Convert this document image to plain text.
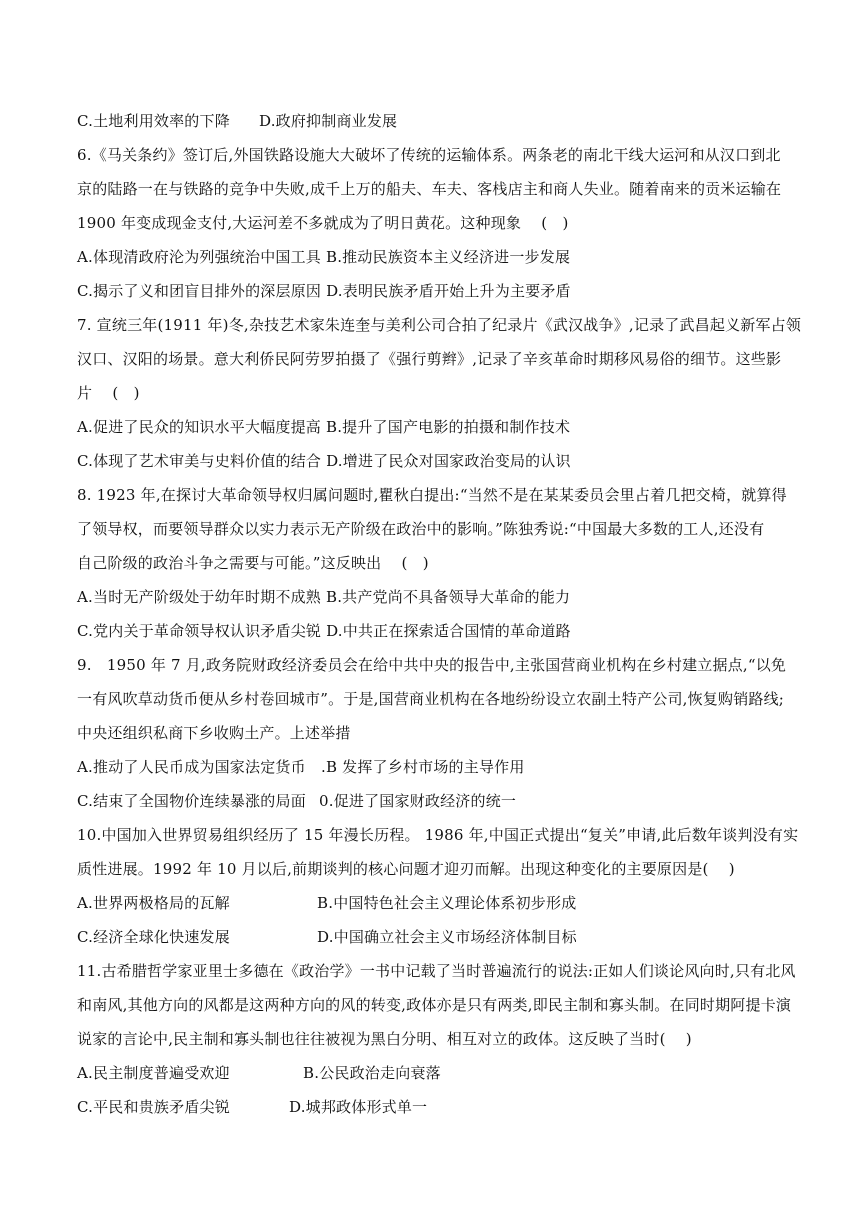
C.土地利用效率的下降 D.政府抑制商业发展
6.《马关条约》签订后,外国铁路设施大大破坏了传统的运输体系。两条老的南北干线大运河和从汉口到北
京的陆路一在与铁路的竞争中失败,成千上万的船夫、车夫、客栈店主和商人失业。随着南来的贡米运输在
1900 年变成现金支付,大运河差不多就成为了明日黄花。这种现象　 (　)
A.体现清政府沦为列强统治中国工具 B.推动民族资本主义经济进一步发展
C.揭示了义和团盲目排外的深层原因 D.表明民族矛盾开始上升为主要矛盾
7. 宣统三年(1911 年)冬,杂技艺术家朱连奎与美利公司合拍了纪录片《武汉战争》,记录了武昌起义新军占领
汉口、汉阳的场景。意大利侨民阿劳罗拍摄了《强行剪辫》,记录了辛亥革命时期移风易俗的细节。这些影
片　 (　)
A.促进了民众的知识水平大幅度提高 B.提升了国产电影的拍摄和制作技术
C.体现了艺术审美与史料价值的结合 D.增进了民众对国家政治变局的认识
8. 1923 年,在探讨大革命领导权归属问题时,瞿秋白提出:“当然不是在某某委员会里占着几把交椅，就算得
了领导权，而要领导群众以实力表示无产阶级在政治中的影响。”陈独秀说:“中国最大多数的工人,还没有
自己阶级的政治斗争之需要与可能。”这反映出　 (　)
A.当时无产阶级处于幼年时期不成熟 B.共产党尚不具备领导大革命的能力
C.党内关于革命领导权认识矛盾尖锐 D.中共正在探索适合国情的革命道路
9.　1950 年 7 月,政务院财政经济委员会在给中共中央的报告中,主张国营商业机构在乡村建立据点,“以免
一有风吹草动货币便从乡村卷回城市”。于是,国营商业机构在各地纷纷设立农副土特产公司,恢复购销路线;
中央还组织私商下乡收购土产。上述举措
A.推动了人民币成为国家法定货币 .B 发挥了乡村市场的主导作用
C.结束了全国物价连续暴涨的局面 0.促进了国家财政经济的统一
10.中国加入世界贸易组织经历了 15 年漫长历程。 1986 年,中国正式提出“复关”申请,此后数年谈判没有实
质性进展。1992 年 10 月以后,前期谈判的核心问题才迎刃而解。出现这种变化的主要原因是(　 )
A.世界两极格局的瓦解	B.中国特色社会主义理论体系初步形成
C.经济全球化快速发展	D.中国确立社会主义市场经济体制目标
11.古希腊哲学家亚里士多德在《政治学》一书中记载了当时普遍流行的说法:正如人们谈论风向时,只有北风
和南风,其他方向的风都是这两种方向的风的转变,政体亦是只有两类,即民主制和寡头制。在同时期阿提卡演
说家的言论中,民主制和寡头制也往往被视为黑白分明、相互对立的政体。这反映了当时(　 )
A.民主制度普遍受欢迎	B.公民政治走向衰落
C.平民和贵族矛盾尖锐	D.城邦政体形式单一
